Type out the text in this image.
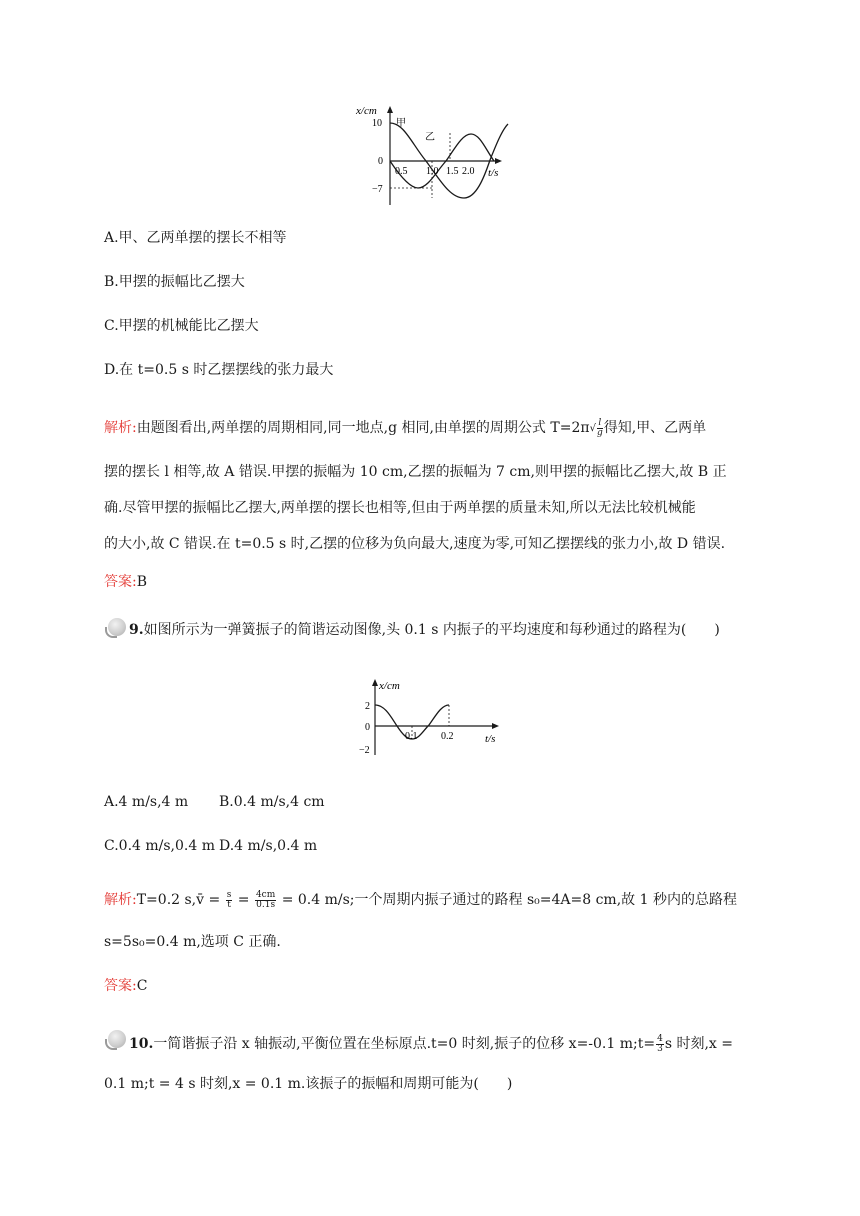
x/cm
t/s
10
0
−7
0.5 1.0 1.5 2.0
甲
乙
A.甲、乙两单摆的摆长不相等
B.甲摆的振幅比乙摆大
C.甲摆的机械能比乙摆大
D.在 t=0.5 s 时乙摆摆线的张力最大
解析:由题图看出,两单摆的周期相同,同一地点,g 相同,由单摆的周期公式 $T=2\pi√ \frac{l}{g}$ 得知,甲、乙两单
摆的摆长 l 相等,故 A 错误.甲摆的振幅为 10 cm,乙摆的振幅为 7 cm,则甲摆的振幅比乙摆大,故 B 正
确.尽管甲摆的振幅比乙摆大,两单摆的摆长也相等,但由于两单摆的质量未知,所以无法比较机械能
的大小,故 C 错误.在 t=0.5 s 时,乙摆的位移为负向最大,速度为零,可知乙摆摆线的张力小,故 D 错误.
答案:B
9.如图所示为一弹簧振子的简谐运动图像,头 0.1 s 内振子的平均速度和每秒通过的路程为(　　)
x/cm
t/s
2
0
−2
0.1 0.2
A.4 m/s,4 m B.0.4 m/s,4 cm
C.0.4 m/s,0.4 m D.4 m/s,0.4 m
解析:T=0.2 s,v̄ = $\frac{s}{t} = \frac{4cm}{0.1s} = 0.4$ m/s;一个周期内振子通过的路程 s₀=4A=8 cm,故 1 秒内的总路程
s=5s₀=0.4 m,选项 C 正确.
答案:C
10.一简谐振子沿 x 轴振动,平衡位置在坐标原点.t=0 时刻,振子的位移 x=-0.1 m;t= $\frac{4}{3}$ s 时刻,x =
0.1 m;t = 4 s 时刻,x = 0.1 m.该振子的振幅和周期可能为(　　)
